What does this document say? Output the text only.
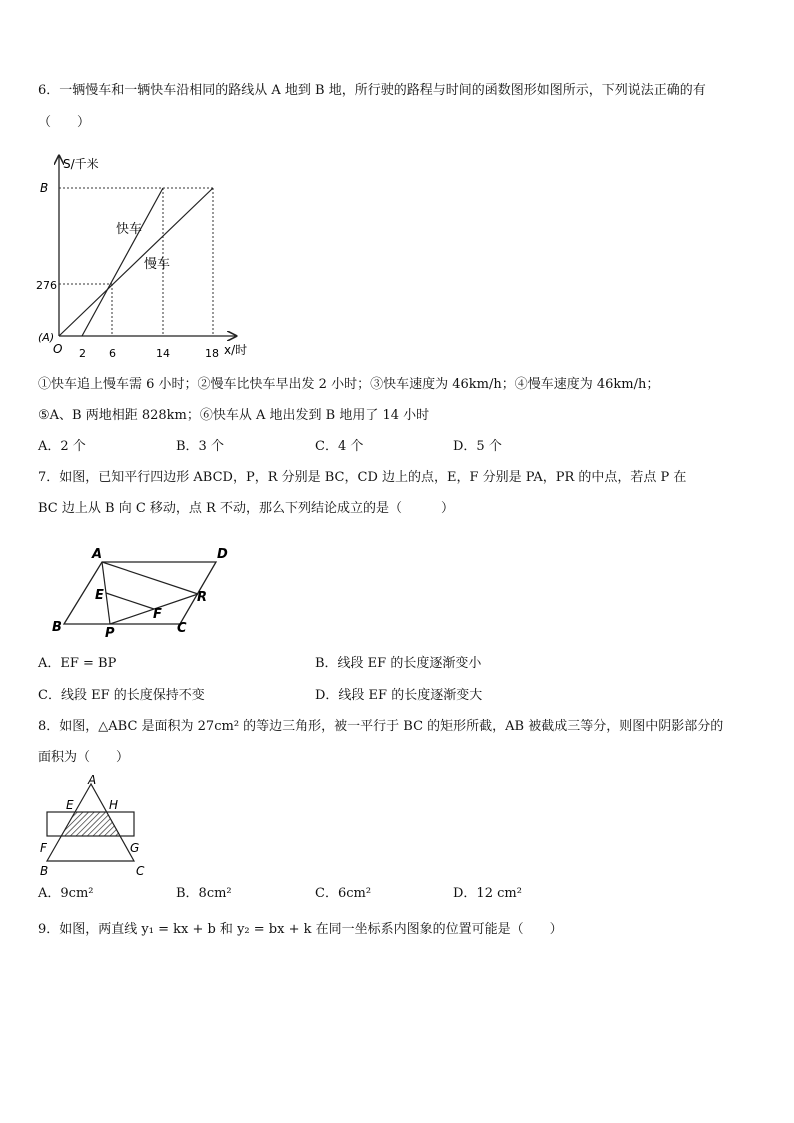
6．一辆慢车和一辆快车沿相同的路线从 A 地到 B 地，所行驶的路程与时间的函数图形如图所示，下列说法正确的有
（　　）
S/千米
B
276
(A)
O 2 6	14	18 x/时
快车
慢车
①快车追上慢车需 6 小时；②慢车比快车早出发 2 小时；③快车速度为 46km/h；④慢车速度为 46km/h；
⑤A、B 两地相距 828km；⑥快车从 A 地出发到 B 地用了 14 小时
A．2 个	B．3 个	C．4 个	D．5 个
7．如图，已知平行四边形 ABCD，P，R 分别是 BC，CD 边上的点，E，F 分别是 PA，PR 的中点，若点 P 在
BC 边上从 B 向 C 移动，点 R 不动，那么下列结论成立的是（　　　）
A	D
E	R
F
B	P	C
A．EF = BP	B．线段 EF 的长度逐渐变小
C．线段 EF 的长度保持不变	D．线段 EF 的长度逐渐变大
8．如图，△ABC 是面积为 27cm² 的等边三角形，被一平行于 BC 的矩形所截，AB 被截成三等分，则图中阴影部分的
面积为（　　）
A
E	H
F	G
B	C
A．9cm²	B．8cm²	C．6cm²	D．12 cm²
9．如图，两直线 y₁ = kx + b 和 y₂ = bx + k 在同一坐标系内图象的位置可能是（　　）
